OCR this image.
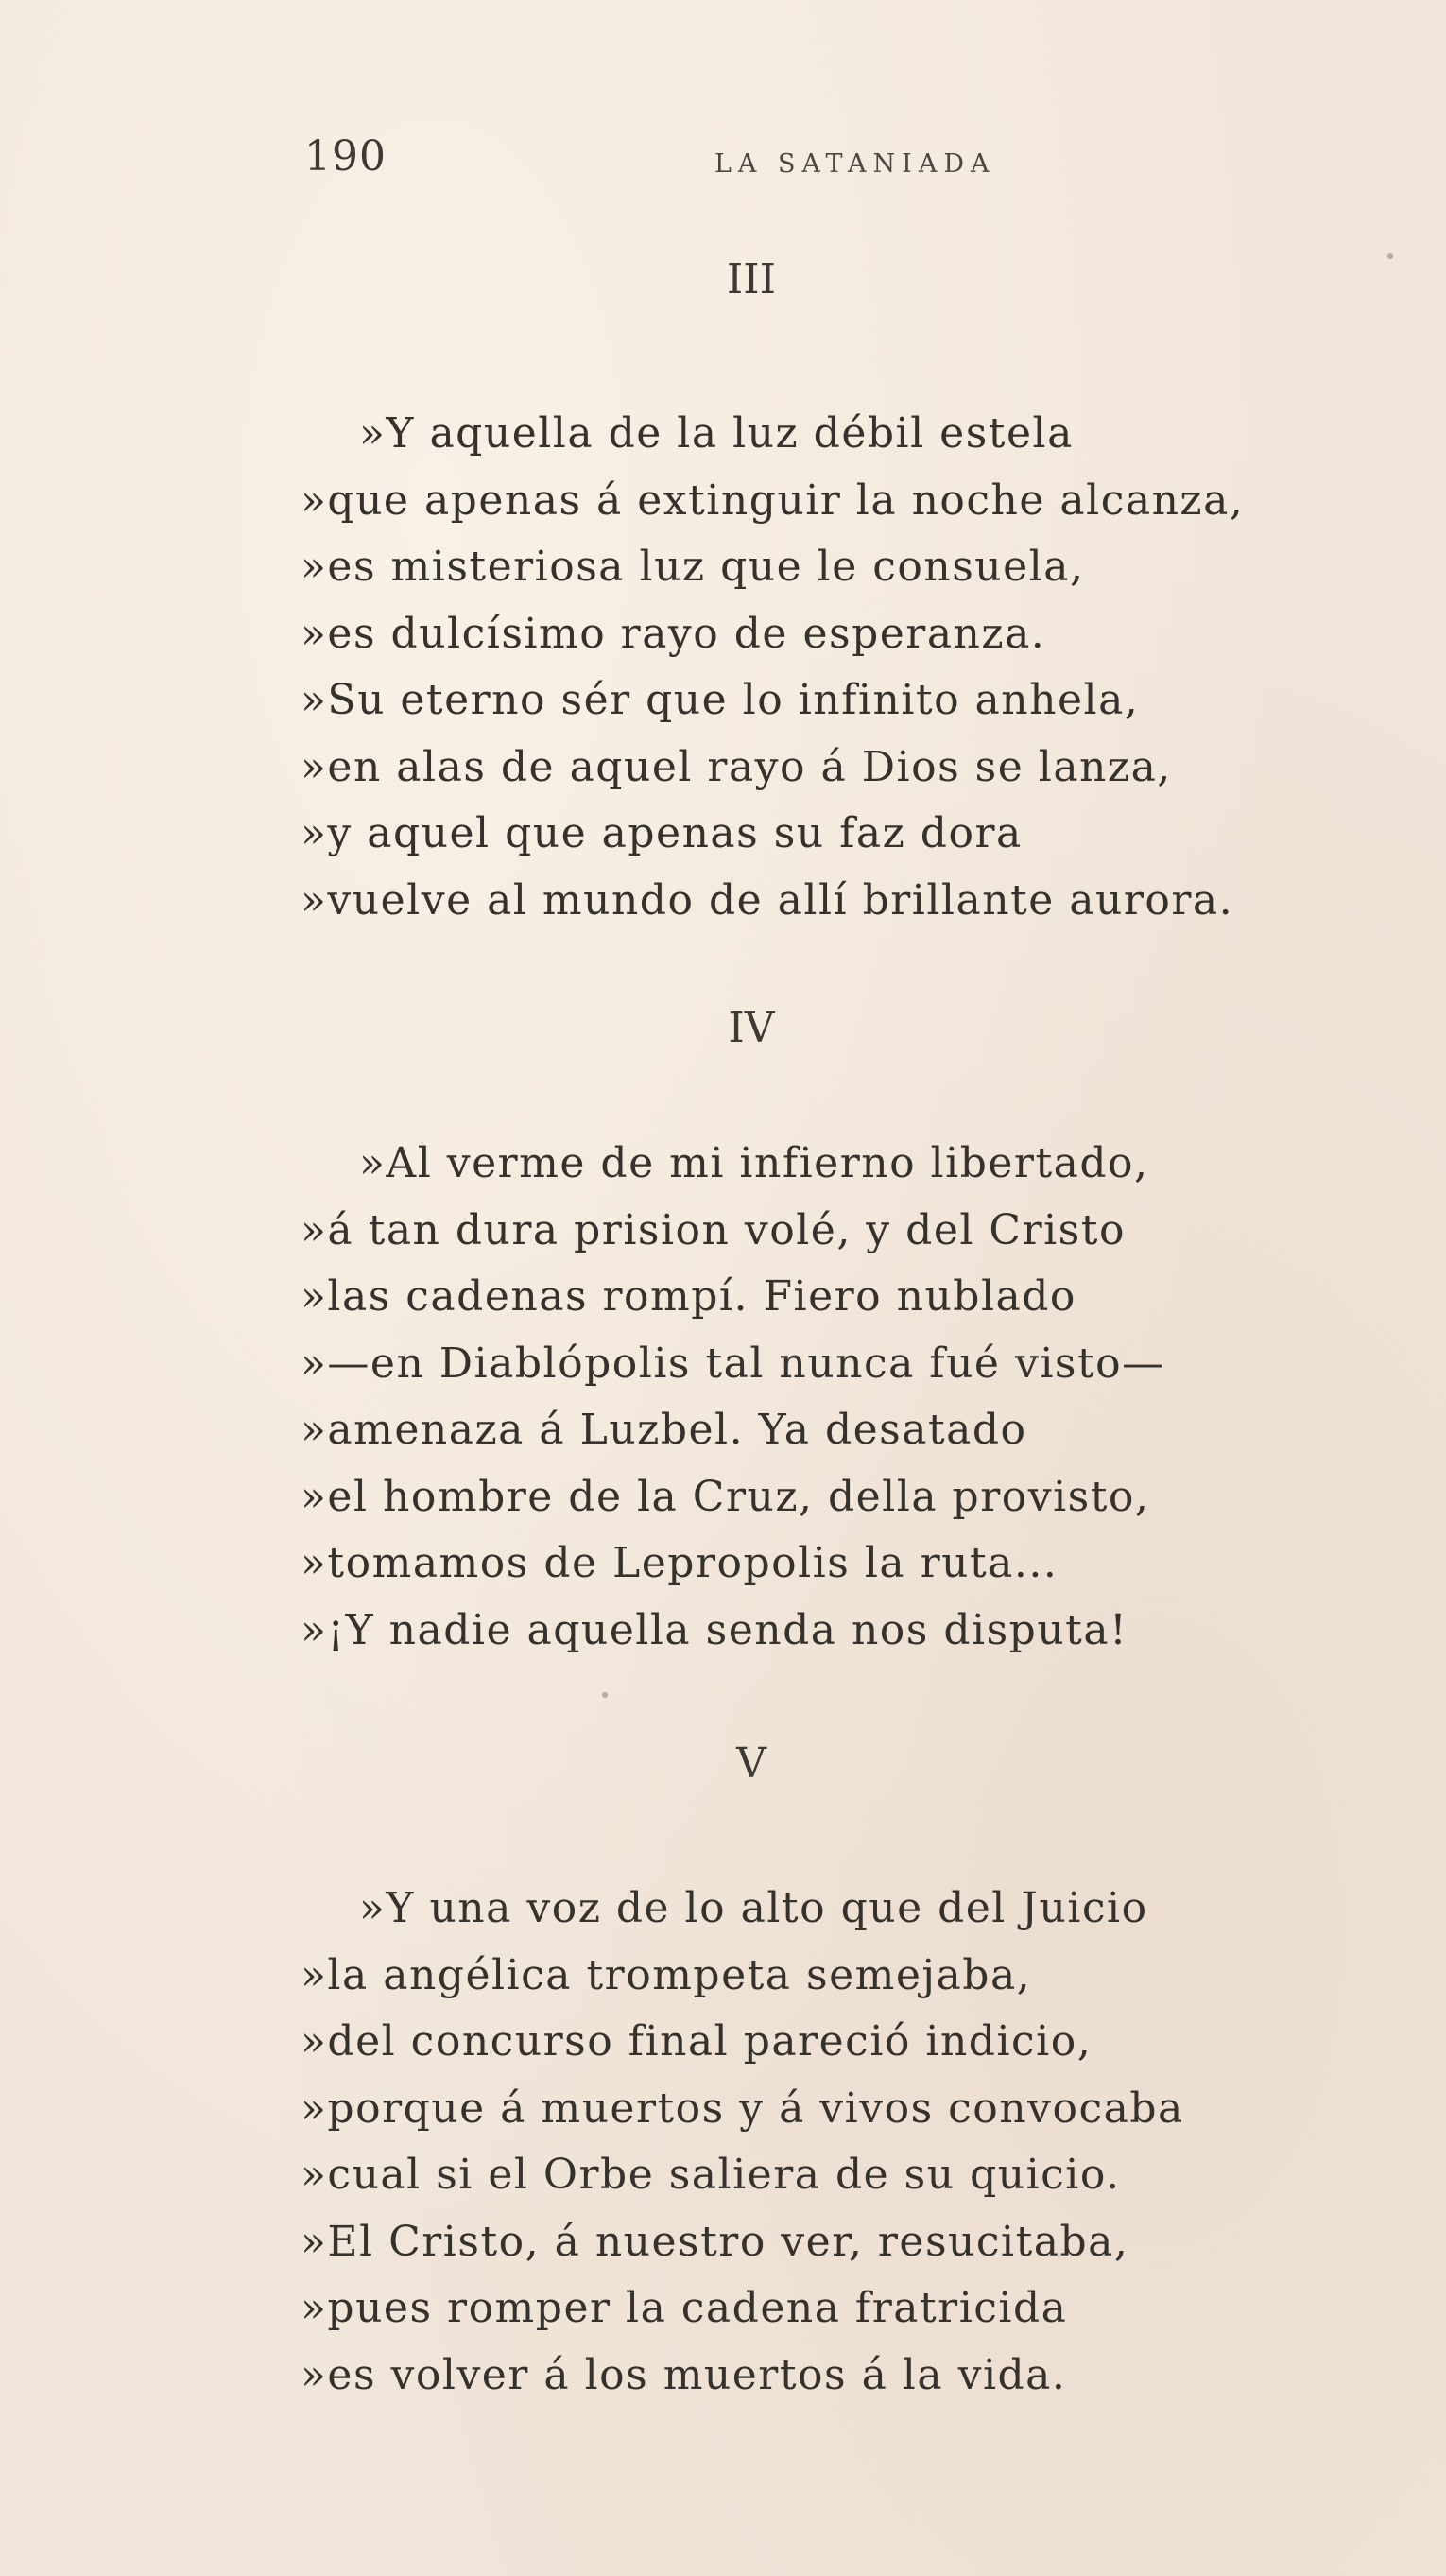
190	LA SATANIADA
III
»Y aquella de la luz débil estela
»que apenas á extinguir la noche alcanza,
»es misteriosa luz que le consuela,
»es dulcísimo rayo de esperanza.
»Su eterno sér que lo infinito anhela,
»en alas de aquel rayo á Dios se lanza,
»y aquel que apenas su faz dora
»vuelve al mundo de allí brillante aurora.
IV
»Al verme de mi infierno libertado,
»á tan dura prision volé, y del Cristo
»las cadenas rompí. Fiero nublado
»—en Diablópolis tal nunca fué visto—
»amenaza á Luzbel. Ya desatado
»el hombre de la Cruz, della provisto,
»tomamos de Lepropolis la ruta...
»¡Y nadie aquella senda nos disputa!
V
»Y una voz de lo alto que del Juicio
»la angélica trompeta semejaba,
»del concurso final pareció indicio,
»porque á muertos y á vivos convocaba
»cual si el Orbe saliera de su quicio.
»El Cristo, á nuestro ver, resucitaba,
»pues romper la cadena fratricida
»es volver á los muertos á la vida.
